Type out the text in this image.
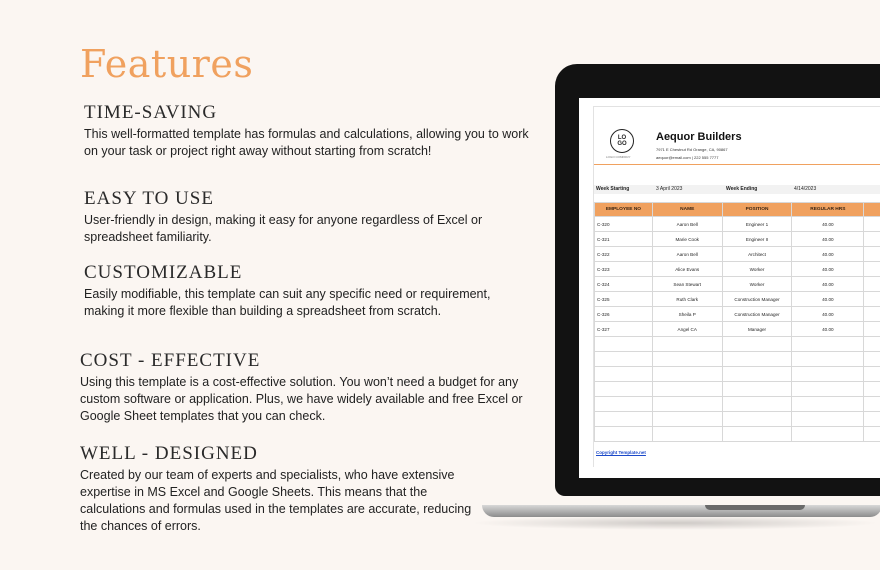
Features
TIME-SAVING

This well-formatted template has formulas and calculations, allowing you to work on your task or project right away without starting from scratch!

EASY TO USE

User-friendly in design, making it easy for anyone regardless of Excel or spreadsheet familiarity.

CUSTOMIZABLE

Easily modifiable, this template can suit any specific need or requirement, making it more flexible than building a spreadsheet from scratch.

COST - EFFECTIVE

Using this template is a cost-effective solution. You won’t need a budget for any custom software or application. Plus, we have widely available and free Excel or Google Sheet templates that you can check.

WELL - DESIGNED

Created by our team of experts and specialists, who have extensive expertise in MS Excel and Google Sheets. This means that the calculations and formulas used in the templates are accurate, reducing the chances of errors.

LO
GO
LOGO COMPANY
Aequor Builders
7971 E Chestnut Rd Orange, CA, 90867
aequor@email.com | 222 555 7777
Week Starting	3 April 2023	Week Ending	4/14/2023
EMPLOYEE NO	NAME	POSITION	REGULAR HRS	
C-320	Aaron Bell	Engineer 1	40.00	
C-321	Marie Cook	Engineer II	40.00	
C-322	Aaron Bell	Architect	40.00	
C-323	Alice Evans	Worker	40.00	
C-324	Sean Stewart	Worker	40.00	
C-325	Ruth Clark	Construction Manager	40.00	
C-326	Sheila P	Construction Manager	40.00	
C-327	Angel CA	Manager	40.00	

Copyright Template.net
